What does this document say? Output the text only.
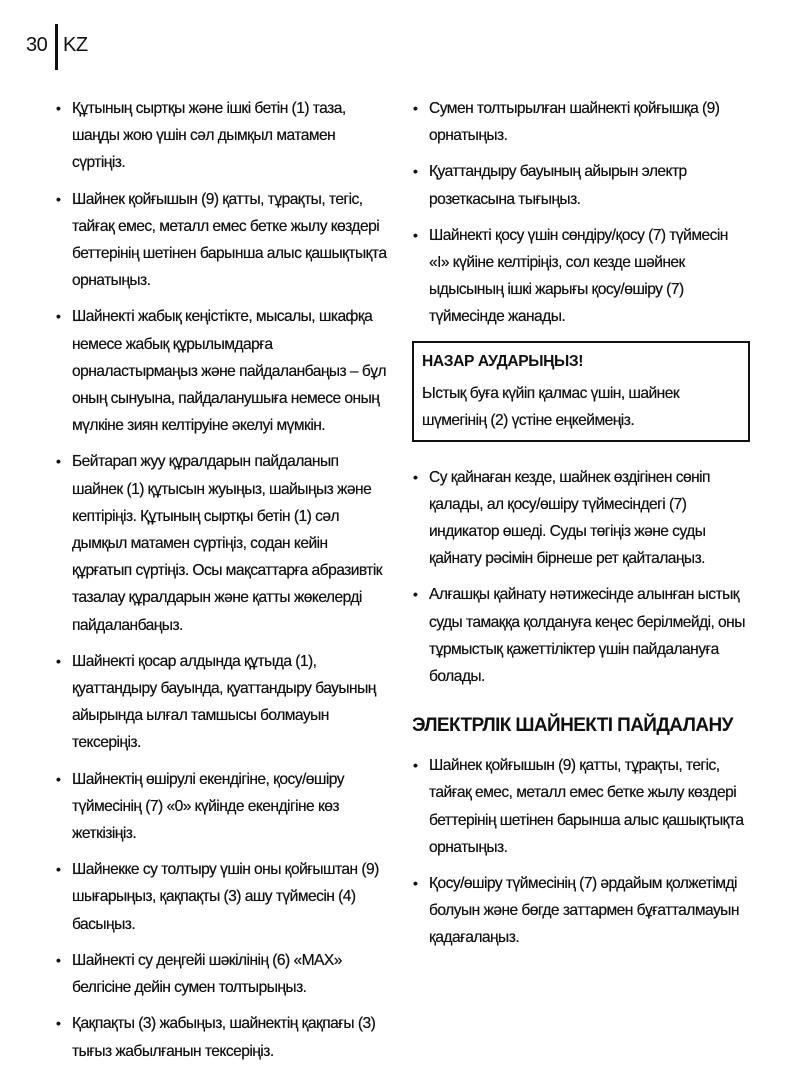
30 KZ
• Құтының сыртқы және ішкі бетін (1) таза, шаңды жою үшін сәл дымқыл матамен сүртіңіз.
• Шайнек қойғышын (9) қатты, тұрақты, тегіс, тайғақ емес, металл емес бетке жылу көздері беттерінің шетінен барынша алыс қашықтықта орнатыңыз.
• Шайнекті жабық кеңістікте, мысалы, шкафқа немесе жабық құрылымдарға орналастырмаңыз және пайдаланбаңыз – бұл оның сынуына, пайдаланушыға немесе оның мүлкіне зиян келтіруіне әкелуі мүмкін.
• Бейтарап жуу құралдарын пайдаланып шайнек (1) құтысын жуыңыз, шайыңыз және кептіріңіз. Құтының сыртқы бетін (1) сәл дымқыл матамен сүртіңіз, содан кейін құрғатып сүртіңіз. Осы мақсаттарға абразивтік тазалау құралдарын және қатты жөкелерді пайдаланбаңыз.
• Шайнекті қосар алдында құтыда (1), қуаттандыру бауында, қуаттандыру бауының айырында ылғал тамшысы болмауын тексеріңіз.
• Шайнектің өшірулі екендігіне, қосу/өшіру түймесінің (7) «0» күйінде екендігіне көз жеткізіңіз.
• Шайнекке су толтыру үшін оны қойғыштан (9) шығарыңыз, қақпақты (3) ашу түймесін (4) басыңыз.
• Шайнекті су деңгейі шәкілінің (6) «MAX» белгісіне дейін сумен толтырыңыз.
• Қақпақты (3) жабыңыз, шайнектің қақпағы (3) тығыз жабылғанын тексеріңіз.
• Сумен толтырылған шайнекті қойғышқа (9) орнатыңыз.
• Қуаттандыру бауының айырын электр розеткасына тығыңыз.
• Шайнекті қосу үшін сөндіру/қосу (7) түймесін «I» күйіне келтіріңіз, сол кезде шәйнек ыдысының ішкі жарығы қосу/өшіру (7) түймесінде жанады.
НАЗАР АУДАРЫҢЫЗ!
Ыстық буға күйіп қалмас үшін, шайнек шүмегінің (2) үстіне еңкеймеңіз.
• Су қайнаған кезде, шайнек өздігінен сөніп қалады, ал қосу/өшіру түймесіндегі (7) индикатор өшеді. Суды төгіңіз және суды қайнату рәсімін бірнеше рет қайталаңыз.
• Алғашқы қайнату нәтижесінде алынған ыстық суды тамаққа қолдануға кеңес берілмейді, оны тұрмыстық қажеттіліктер үшін пайдалануға болады.
ЭЛЕКТРЛІК ШАЙНЕКТІ ПАЙДАЛАНУ
• Шайнек қойғышын (9) қатты, тұрақты, тегіс, тайғақ емес, металл емес бетке жылу көздері беттерінің шетінен барынша алыс қашықтықта орнатыңыз.
• Қосу/өшіру түймесінің (7) әрдайым қолжетімді болуын және бөгде заттармен бұғатталмауын қадағалаңыз.
